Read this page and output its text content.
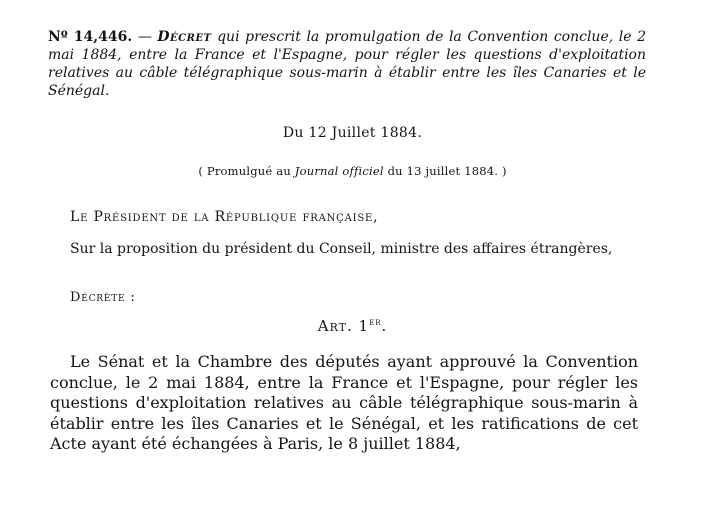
Nº 14,446. — Décret qui prescrit la promulgation de la Convention conclue, le 2 mai 1884, entre la France et l'Espagne, pour régler les questions d'exploitation relatives au câble télégraphique sous-marin à établir entre les îles Canaries et le Sénégal.
Du 12 Juillet 1884.
( Promulgué au Journal officiel du 13 juillet 1884. )
Le Président de la République française,
Sur la proposition du président du Conseil, ministre des affaires étrangères,
Décrète :
Art. 1er.
Le Sénat et la Chambre des députés ayant approuvé la Convention conclue, le 2 mai 1884, entre la France et l'Espagne, pour régler les questions d'exploitation relatives au câble télégraphique sous-marin à établir entre les îles Canaries et le Sénégal, et les ratifications de cet Acte ayant été échangées à Paris, le 8 juillet 1884,
